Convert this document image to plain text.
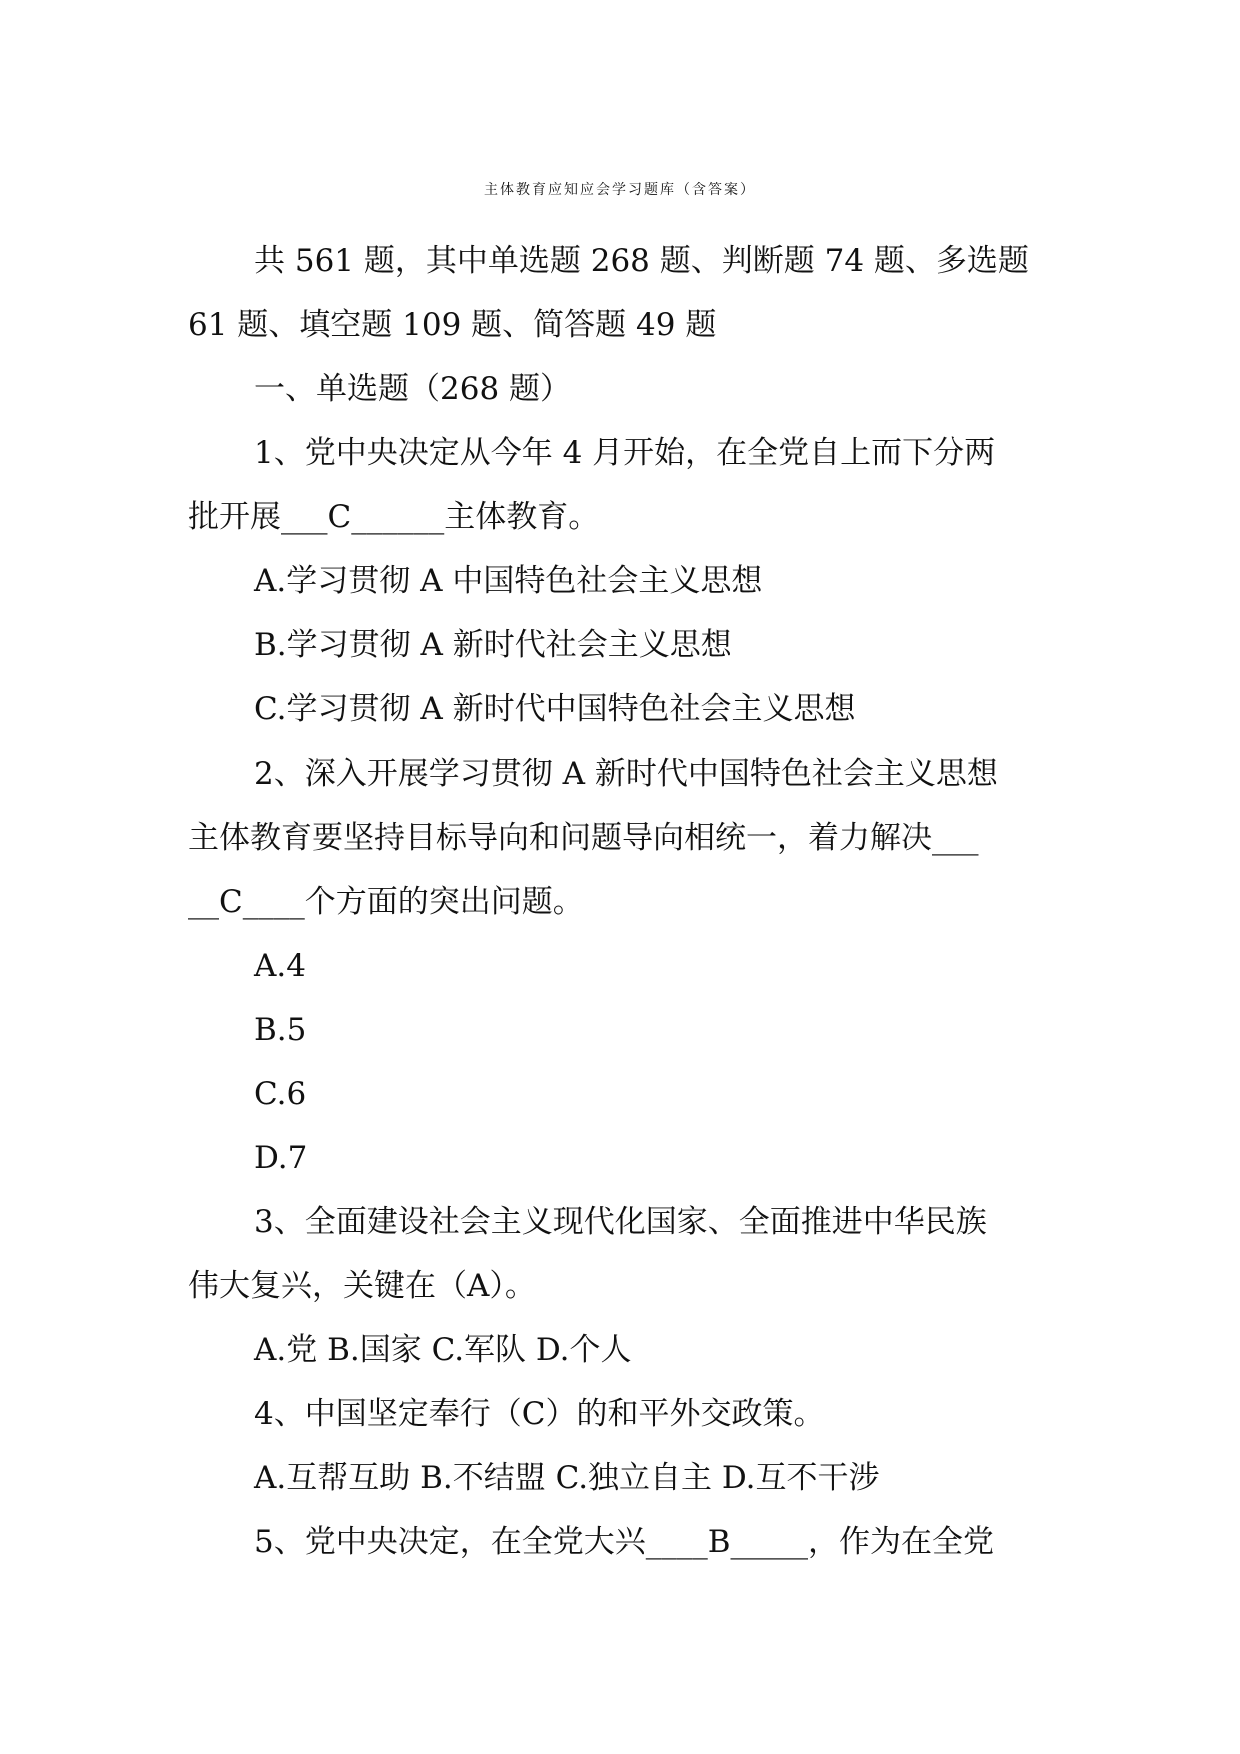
主体教育应知应会学习题库（含答案）
共 561 题，其中单选题 268 题、判断题 74 题、多选题
61 题、填空题 109 题、简答题 49 题
一、单选题（268 题）
1、党中央决定从今年 4 月开始，在全党自上而下分两
批开展___C______主体教育。
A.学习贯彻 A 中国特色社会主义思想
B.学习贯彻 A 新时代社会主义思想
C.学习贯彻 A 新时代中国特色社会主义思想
2、深入开展学习贯彻 A 新时代中国特色社会主义思想
主体教育要坚持目标导向和问题导向相统一，着力解决___
__C____个方面的突出问题。
A.4
B.5
C.6
D.7
3、全面建设社会主义现代化国家、全面推进中华民族
伟大复兴，关键在（A）。
A.党 B.国家 C.军队 D.个人
4、中国坚定奉行（C）的和平外交政策。
A.互帮互助 B.不结盟 C.独立自主 D.互不干涉
5、党中央决定，在全党大兴____B_____，作为在全党
